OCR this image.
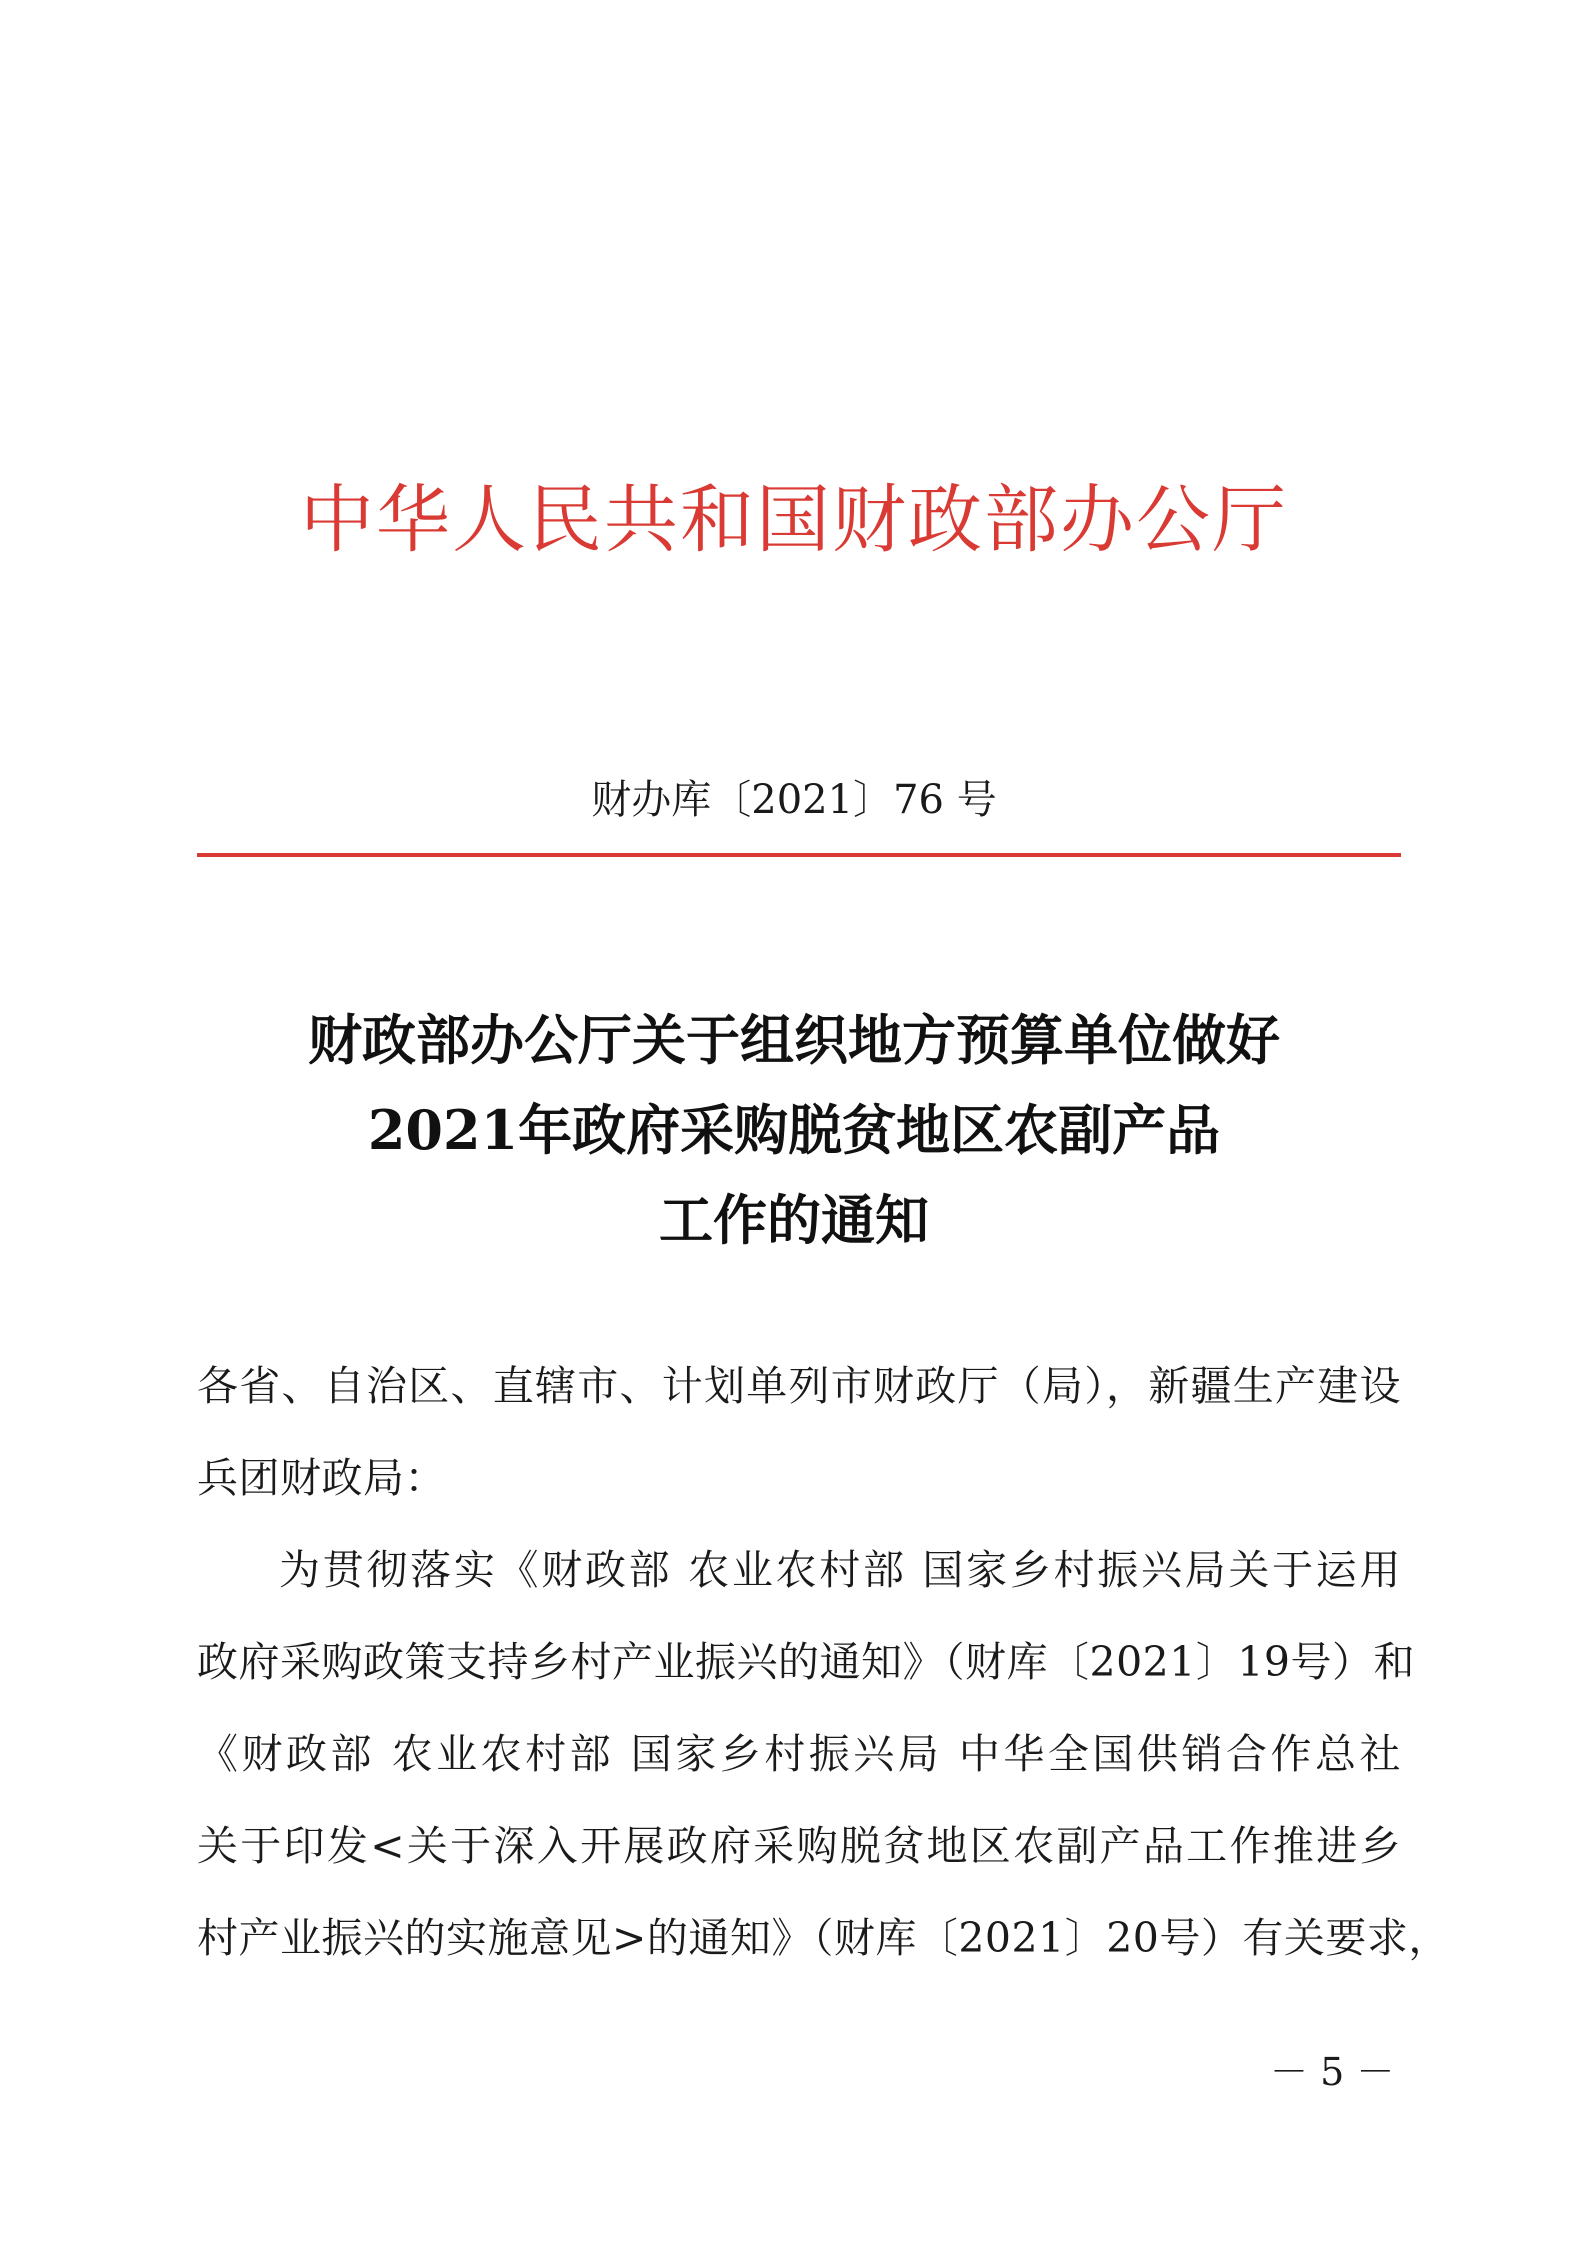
中华人民共和国财政部办公厅
财办库〔2021〕76 号
财政部办公厅关于组织地方预算单位做好
2021年政府采购脱贫地区农副产品
工作的通知
各省、自治区、直辖市、计划单列市财政厅（局），新疆生产建设
兵团财政局：
为贯彻落实《财政部 农业农村部 国家乡村振兴局关于运用
政府采购政策支持乡村产业振兴的通知》（财库〔2021〕19号）和
《财政部 农业农村部 国家乡村振兴局 中华全国供销合作总社
关于印发<关于深入开展政府采购脱贫地区农副产品工作推进乡
村产业振兴的实施意见>的通知》（财库〔2021〕20号）有关要求，
－ 5 －
